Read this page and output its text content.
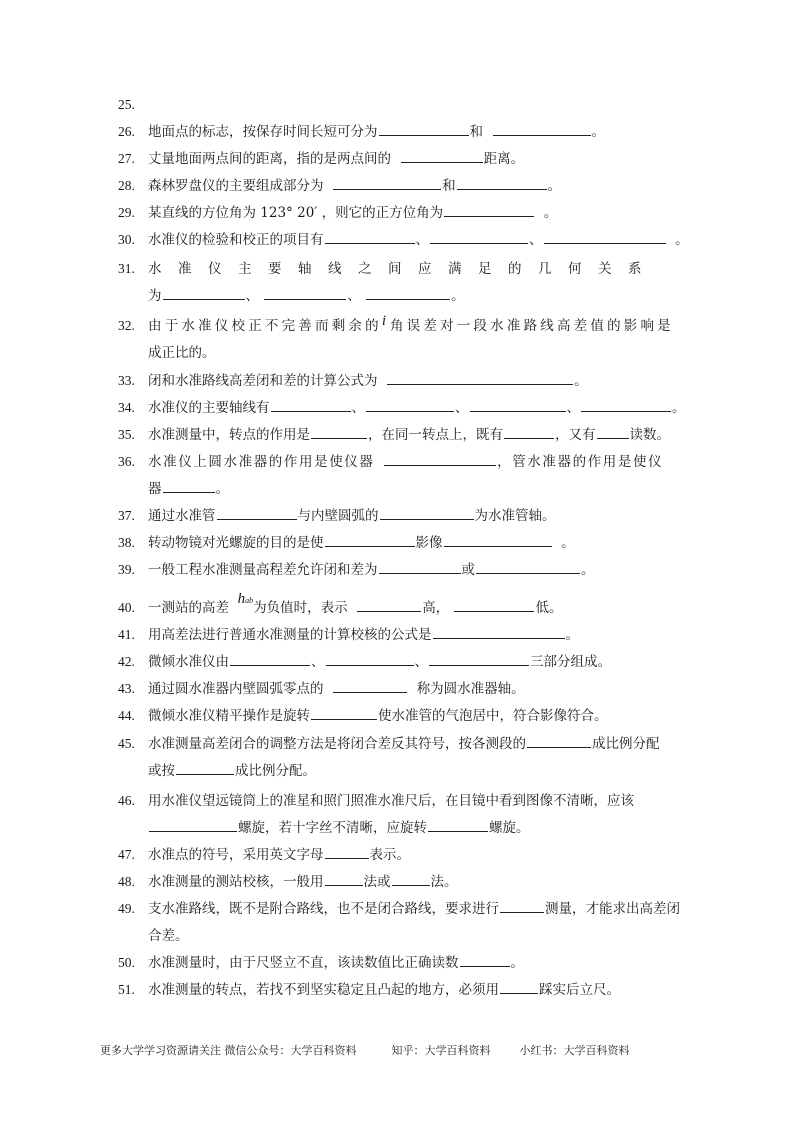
25.
26. 地面点的标志，按保存时间长短可分为	和	。
27. 丈量地面两点间的距离，指的是两点间的	距离。
28. 森林罗盘仪的主要组成部分为	和	。
29. 某直线的方位角为 123° 20′ ，则它的正方位角为	。
30. 水准仪的检验和校正的项目有	、	、	。
31. 水准仪主要轴线之间应满足的几何关系
为	、	、	。
32. 由于水准仪校正不完善而剩余的i 角误差对一段水准路线高差值的影响是
成正比的。
33. 闭和水准路线高差闭和差的计算公式为	。
34. 水准仪的主要轴线有	、	、	、	。
35. 水准测量中，转点的作用是	，在同一转点上，既有	，又有	读数。
36. 水准仪上圆水准器的作用是使仪器	，管水准器的作用是使仪
器	。
37. 通过水准管	与内壁圆弧的	为水准管轴。
38. 转动物镜对光螺旋的目的是使	影像	。
39. 一般工程水准测量高程差允许闭和差为	或	。
40. 一测站的高差  hab为负值时，表示	高，	低。
41. 用高差法进行普通水准测量的计算校核的公式是	。
42. 微倾水准仪由	、	、	三部分组成。
43. 通过圆水准器内壁圆弧零点的	称为圆水准器轴。
44. 微倾水准仪精平操作是旋转	使水准管的气泡居中，符合影像符合。
45. 水准测量高差闭合的调整方法是将闭合差反其符号，按各测段的	成比例分配
或按	成比例分配。
46. 用水准仪望远镜筒上的准星和照门照准水准尺后，在目镜中看到图像不清晰，应该
螺旋，若十字丝不清晰，应旋转	螺旋。
47. 水准点的符号，采用英文字母	表示。
48. 水准测量的测站校核，一般用	法或	法。
49. 支水准路线，既不是附合路线，也不是闭合路线，要求进行	测量，才能求出高差闭
合差。
50. 水准测量时，由于尺竖立不直，该读数值比正确读数	。
51. 水准测量的转点，若找不到坚实稳定且凸起的地方，必须用	踩实后立尺。
更多大学学习资源请关注 微信公众号：大学百科资料	知乎：大学百科资料	小红书：大学百科资料
